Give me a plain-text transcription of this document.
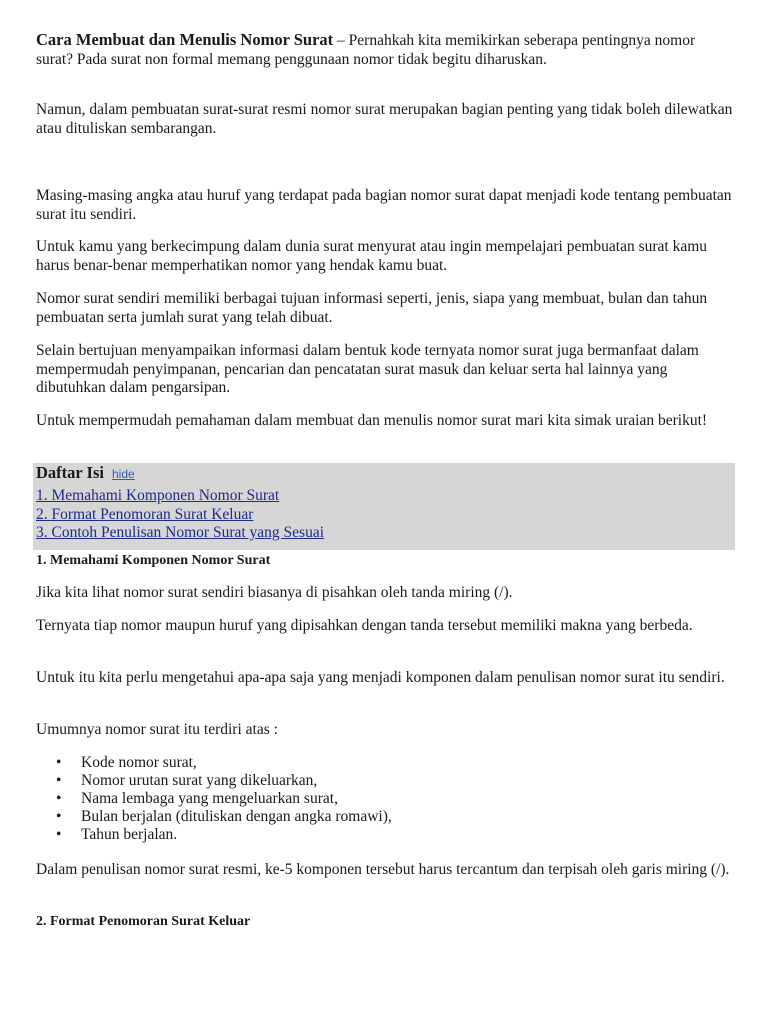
Cara Membuat dan Menulis Nomor Surat – Pernahkah kita memikirkan seberapa pentingnya nomor surat? Pada surat non formal memang penggunaan nomor tidak begitu diharuskan.

Namun, dalam pembuatan surat-surat resmi nomor surat merupakan bagian penting yang tidak boleh dilewatkan atau dituliskan sembarangan.

Masing-masing angka atau huruf yang terdapat pada bagian nomor surat dapat menjadi kode tentang pembuatan surat itu sendiri.

Untuk kamu yang berkecimpung dalam dunia surat menyurat atau ingin mempelajari pembuatan surat kamu harus benar-benar memperhatikan nomor yang hendak kamu buat.

Nomor surat sendiri memiliki berbagai tujuan informasi seperti, jenis, siapa yang membuat, bulan dan tahun pembuatan serta jumlah surat yang telah dibuat.

Selain bertujuan menyampaikan informasi dalam bentuk kode ternyata nomor surat juga bermanfaat dalam mempermudah penyimpanan, pencarian dan pencatatan surat masuk dan keluar serta hal lainnya yang dibutuhkan dalam pengarsipan.

Untuk mempermudah pemahaman dalam membuat dan menulis nomor surat mari kita simak uraian berikut!

Daftar Isi hide
1. Memahami Komponen Nomor Surat
2. Format Penomoran Surat Keluar
3. Contoh Penulisan Nomor Surat yang Sesuai
1. Memahami Komponen Nomor Surat

Jika kita lihat nomor surat sendiri biasanya di pisahkan oleh tanda miring (/).

Ternyata tiap nomor maupun huruf yang dipisahkan dengan tanda tersebut memiliki makna yang berbeda.

Untuk itu kita perlu mengetahui apa-apa saja yang menjadi komponen dalam penulisan nomor surat itu sendiri.

Umumnya nomor surat itu terdiri atas :

• Kode nomor surat,
• Nomor urutan surat yang dikeluarkan,
• Nama lembaga yang mengeluarkan surat,
• Bulan berjalan (dituliskan dengan angka romawi),
• Tahun berjalan.

Dalam penulisan nomor surat resmi, ke-5 komponen tersebut harus tercantum dan terpisah oleh garis miring (/).

2. Format Penomoran Surat Keluar
